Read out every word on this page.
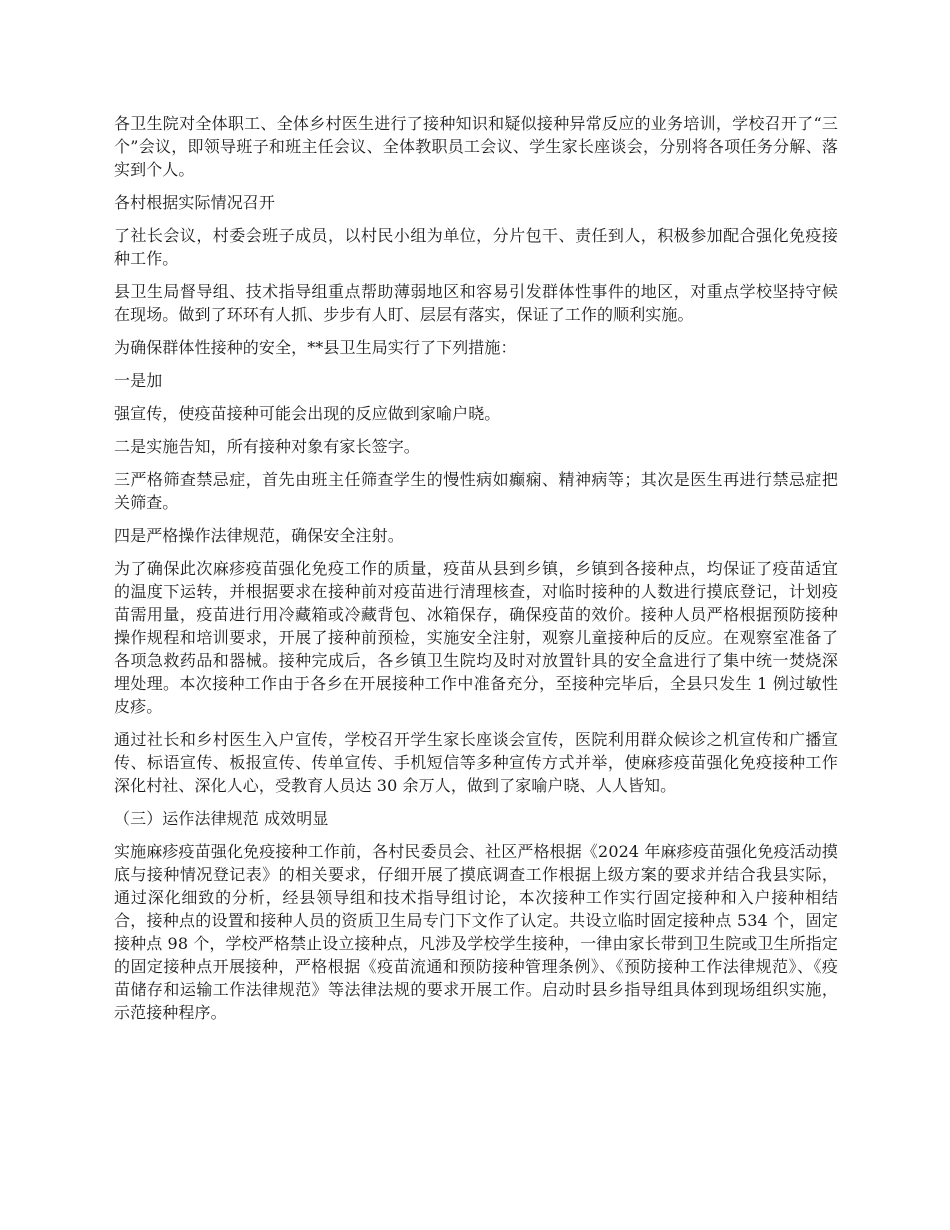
各卫生院对全体职工、全体乡村医生进行了接种知识和疑似接种异常反应的业务培训，学校召开了“三个”会议，即领导班子和班主任会议、全体教职员工会议、学生家长座谈会，分别将各项任务分解、落实到个人。

各村根据实际情况召开

了社长会议，村委会班子成员，以村民小组为单位，分片包干、责任到人，积极参加配合强化免疫接种工作。

县卫生局督导组、技术指导组重点帮助薄弱地区和容易引发群体性事件的地区，对重点学校坚持守候在现场。做到了环环有人抓、步步有人盯、层层有落实，保证了工作的顺利实施。

为确保群体性接种的安全，**县卫生局实行了下列措施：

一是加

强宣传，使疫苗接种可能会出现的反应做到家喻户晓。

二是实施告知，所有接种对象有家长签字。

三严格筛查禁忌症，首先由班主任筛查学生的慢性病如癫痫、精神病等；其次是医生再进行禁忌症把关筛查。

四是严格操作法律规范，确保安全注射。

为了确保此次麻疹疫苗强化免疫工作的质量，疫苗从县到乡镇，乡镇到各接种点，均保证了疫苗适宜的温度下运转，并根据要求在接种前对疫苗进行清理核查，对临时接种的人数进行摸底登记，计划疫苗需用量，疫苗进行用冷藏箱或冷藏背包、冰箱保存，确保疫苗的效价。接种人员严格根据预防接种操作规程和培训要求，开展了接种前预检，实施安全注射，观察儿童接种后的反应。在观察室准备了各项急救药品和器械。接种完成后，各乡镇卫生院均及时对放置针具的安全盒进行了集中统一焚烧深埋处理。本次接种工作由于各乡在开展接种工作中准备充分，至接种完毕后，全县只发生 1 例过敏性皮疹。

通过社长和乡村医生入户宣传，学校召开学生家长座谈会宣传，医院利用群众候诊之机宣传和广播宣传、标语宣传、板报宣传、传单宣传、手机短信等多种宣传方式并举，使麻疹疫苗强化免疫接种工作深化村社、深化人心，受教育人员达 30 余万人，做到了家喻户晓、人人皆知。

（三）运作法律规范 成效明显

实施麻疹疫苗强化免疫接种工作前，各村民委员会、社区严格根据《2024 年麻疹疫苗强化免疫活动摸底与接种情况登记表》的相关要求，仔细开展了摸底调查工作根据上级方案的要求并结合我县实际，通过深化细致的分析，经县领导组和技术指导组讨论，本次接种工作实行固定接种和入户接种相结合，接种点的设置和接种人员的资质卫生局专门下文作了认定。共设立临时固定接种点 534 个，固定接种点 98 个，学校严格禁止设立接种点，凡涉及学校学生接种，一律由家长带到卫生院或卫生所指定的固定接种点开展接种，严格根据《疫苗流通和预防接种管理条例》、《预防接种工作法律规范》、《疫苗储存和运输工作法律规范》等法律法规的要求开展工作。启动时县乡指导组具体到现场组织实施，示范接种程序。
